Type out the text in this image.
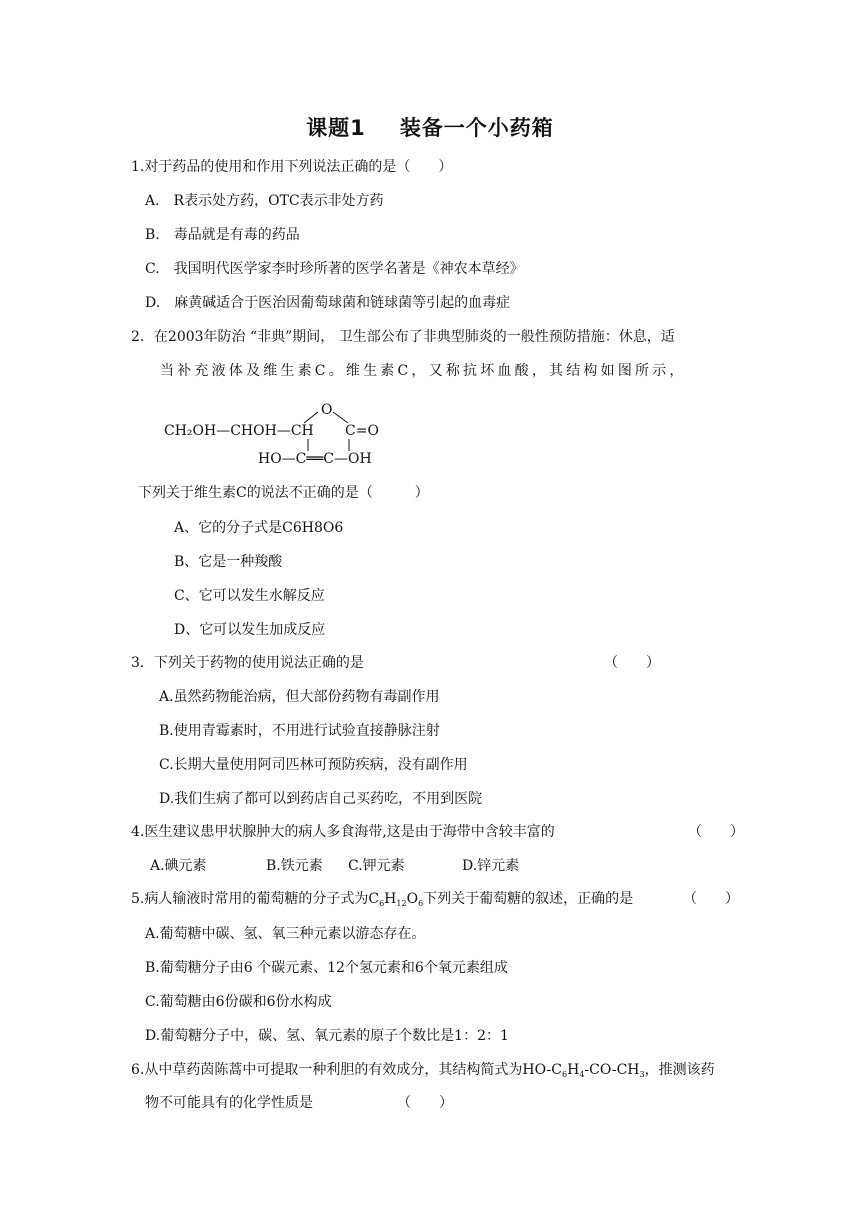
课题1 装备一个小药箱
1.对于药品的使用和作用下列说法正确的是（　　）
A.　R表示处方药，OTC表示非处方药
B.　毒品就是有毒的药品
C.　我国明代医学家李时珍所著的医学名著是《神农本草经》
D.　麻黄碱适合于医治因葡萄球菌和链球菌等引起的血毒症
2．在2003年防治 “非典”期间， 卫生部公布了非典型肺炎的一般性预防措施：休息，适
当补充液体及维生素C。维生素C，又称抗坏血酸，其结构如图所示，
CH₂OH—CHOH—CH
O
C=O
HO—C══C—OH
下列关于维生素C的说法不正确的是（　　　）
A、它的分子式是C6H8O6
B、它是一种羧酸
C、它可以发生水解反应
D、它可以发生加成反应
3．下列关于药物的使用说法正确的是	（　　）
A.虽然药物能治病，但大部份药物有毒副作用
B.使用青霉素时，不用进行试验直接静脉注射
C.长期大量使用阿司匹林可预防疾病，没有副作用
D.我们生病了都可以到药店自己买药吃，不用到医院
4.医生建议患甲状腺肿大的病人多食海带,这是由于海带中含较丰富的	（　　）
A.碘元素	B.铁元素 C.钾元素	D.锌元素
5.病人输液时常用的葡萄糖的分子式为$C_6H_{12}O_6$下列关于葡萄糖的叙述，正确的是	（　　）
A.葡萄糖中碳、氢、氧三种元素以游态存在。
B.葡萄糖分子由6 个碳元素、12个氢元素和6个氧元素组成
C.葡萄糖由6份碳和6份水构成
D.葡萄糖分子中，碳、氢、氧元素的原子个数比是1：2：1
6.从中草药茵陈蒿中可提取一种利胆的有效成分，其结构简式为$HO-C_6H_4-CO-CH_3$，推测该药
物不可能具有的化学性质是	（　　）
